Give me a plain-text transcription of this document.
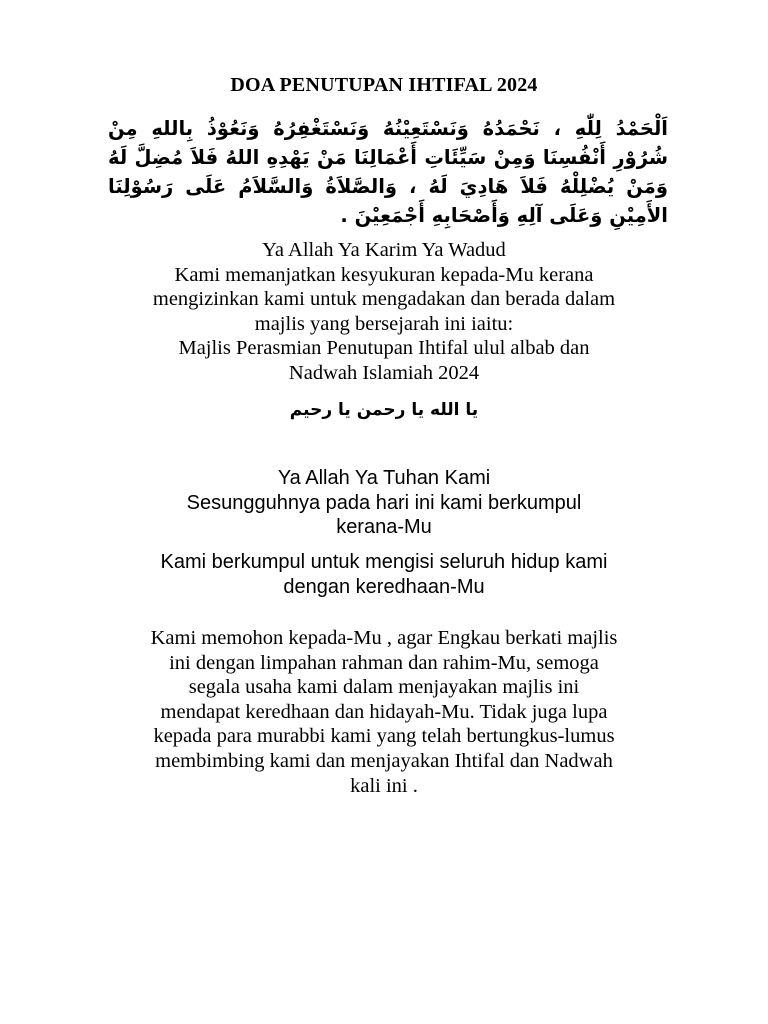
DOA PENUTUPAN IHTIFAL 2024
اَلْحَمْدُ لِلّٰهِ ، نَحْمَدُهُ وَنَسْتَعِيْنُهُ وَنَسْتَغْفِرُهُ وَنَعُوْذُ بِاللهِ مِنْ شُرُوْرِ أَنْفُسِنَا وَمِنْ سَيِّئَاتِ أَعْمَالِنَا مَنْ يَهْدِهِ اللهُ فَلاَ مُضِلَّ لَهُ وَمَنْ يُضْلِلْهُ فَلاَ هَادِيَ لَهُ ، وَالصَّلاَةُ وَالسَّلاَمُ عَلَى رَسُوْلِنَا الأَمِيْنِ وَعَلَى آلِهِ وَأَصْحَابِهِ أَجْمَعِيْنَ .
Ya Allah Ya Karim Ya Wadud
Kami memanjatkan kesyukuran kepada-Mu kerana
mengizinkan kami untuk mengadakan dan berada dalam
majlis yang bersejarah ini iaitu:
Majlis Perasmian Penutupan Ihtifal ulul albab dan
Nadwah Islamiah 2024
يا الله يا رحمن يا رحيم
Ya Allah Ya Tuhan Kami
Sesungguhnya pada hari ini kami berkumpul
kerana-Mu
Kami berkumpul untuk mengisi seluruh hidup kami
dengan keredhaan-Mu
Kami memohon kepada-Mu , agar Engkau berkati majlis
ini dengan limpahan rahman dan rahim-Mu, semoga
segala usaha kami dalam menjayakan majlis ini
mendapat keredhaan dan hidayah-Mu. Tidak juga lupa
kepada para murabbi kami yang telah bertungkus-lumus
membimbing kami dan menjayakan Ihtifal dan Nadwah
kali ini .
